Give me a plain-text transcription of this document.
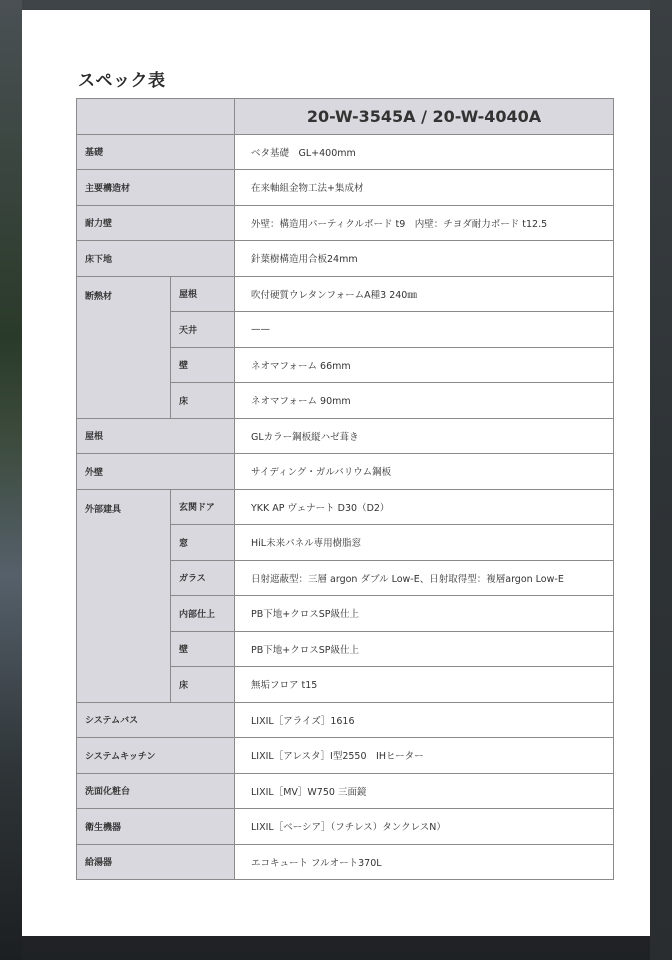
スペック表
		20-W-3545A / 20-W-4040A
基礎		ベタ基礎　GL+400mm
主要構造材		在来軸組金物工法+集成材
耐力壁		外壁：構造用パーティクルボード t9　内壁：チヨダ耐力ボード t12.5
床下地		針葉樹構造用合板24mm
断熱材	屋根	吹付硬質ウレタンフォームA種3 240㎜
	天井	——
	壁	ネオマフォーム 66mm
	床	ネオマフォーム 90mm
屋根		GLカラー鋼板縦ハゼ葺き
外壁		サイディング・ガルバリウム鋼板
外部建具	玄関ドア	YKK AP ヴェナート D30（D2）
	窓	HiL未来パネル専用樹脂窓
	ガラス	日射遮蔽型：三層 argon ダブル Low-E、日射取得型：複層argon Low-E
	内部仕上	PB下地+クロスSP級仕上
	壁	PB下地+クロスSP級仕上
	床	無垢フロア t15
システムバス		LIXIL［アライズ］1616
システムキッチン		LIXIL［アレスタ］I型2550　IHヒーター
洗面化粧台		LIXIL［MV］W750 三面鏡
衛生機器		LIXIL［ベーシア］（フチレス）タンクレスN）
給湯器		エコキュート フルオート370L
